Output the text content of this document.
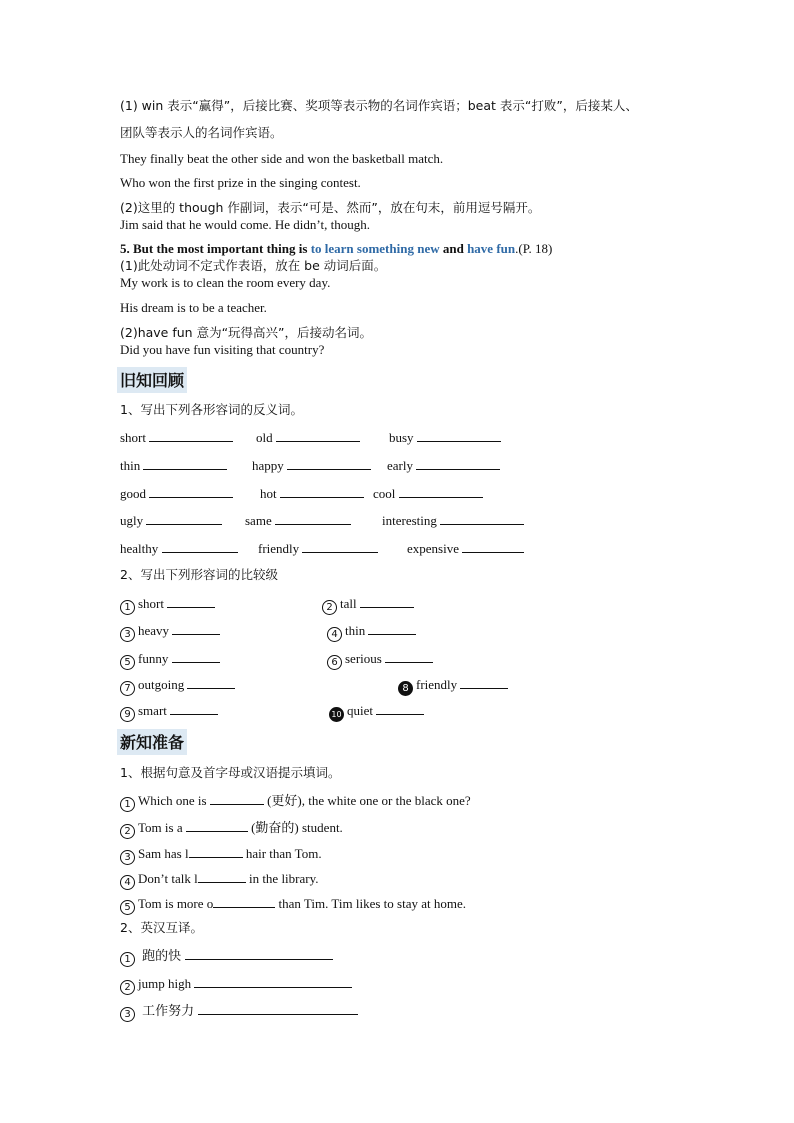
(1) win 表示“赢得”，后接比赛、奖项等表示物的名词作宾语；beat 表示“打败”，后接某人、
团队等表示人的名词作宾语。
They finally beat the other side and won the basketball match.
Who won the first prize in the singing contest.
(2)这里的 though 作副词，表示“可是、然而”，放在句末，前用逗号隔开。
Jim said that he would come. He didn’t, though.
5. But the most important thing is to learn something new and have fun.(P. 18)
(1)此处动词不定式作表语，放在 be 动词后面。
My work is to clean the room every day.
His dream is to be a teacher.
(2)have fun 意为“玩得高兴”，后接动名词。
Did you have fun visiting that country?
旧知回顾
1、写出下列各形容词的反义词。
short	old	busy
thin	happy	early
good	hot	cool
ugly	same	interesting
healthy	friendly	expensive
2、写出下列形容词的比较级
1 short	2 tall
3 heavy	4 thin
5 funny	6 serious
7 outgoing	8 friendly
9 smart	10 quiet
新知准备
1、根据句意及首字母或汉语提示填词。
1 Which one is	(更好), the white one or the black one?
2 Tom is a	(勤奋的) student.
3 Sam has l	hair than Tom.
4 Don’t talk l	in the library.
5 Tom is more o	than Tim. Tim likes to stay at home.
2、英汉互译。
1 跑的快
2 jump high
3 工作努力
